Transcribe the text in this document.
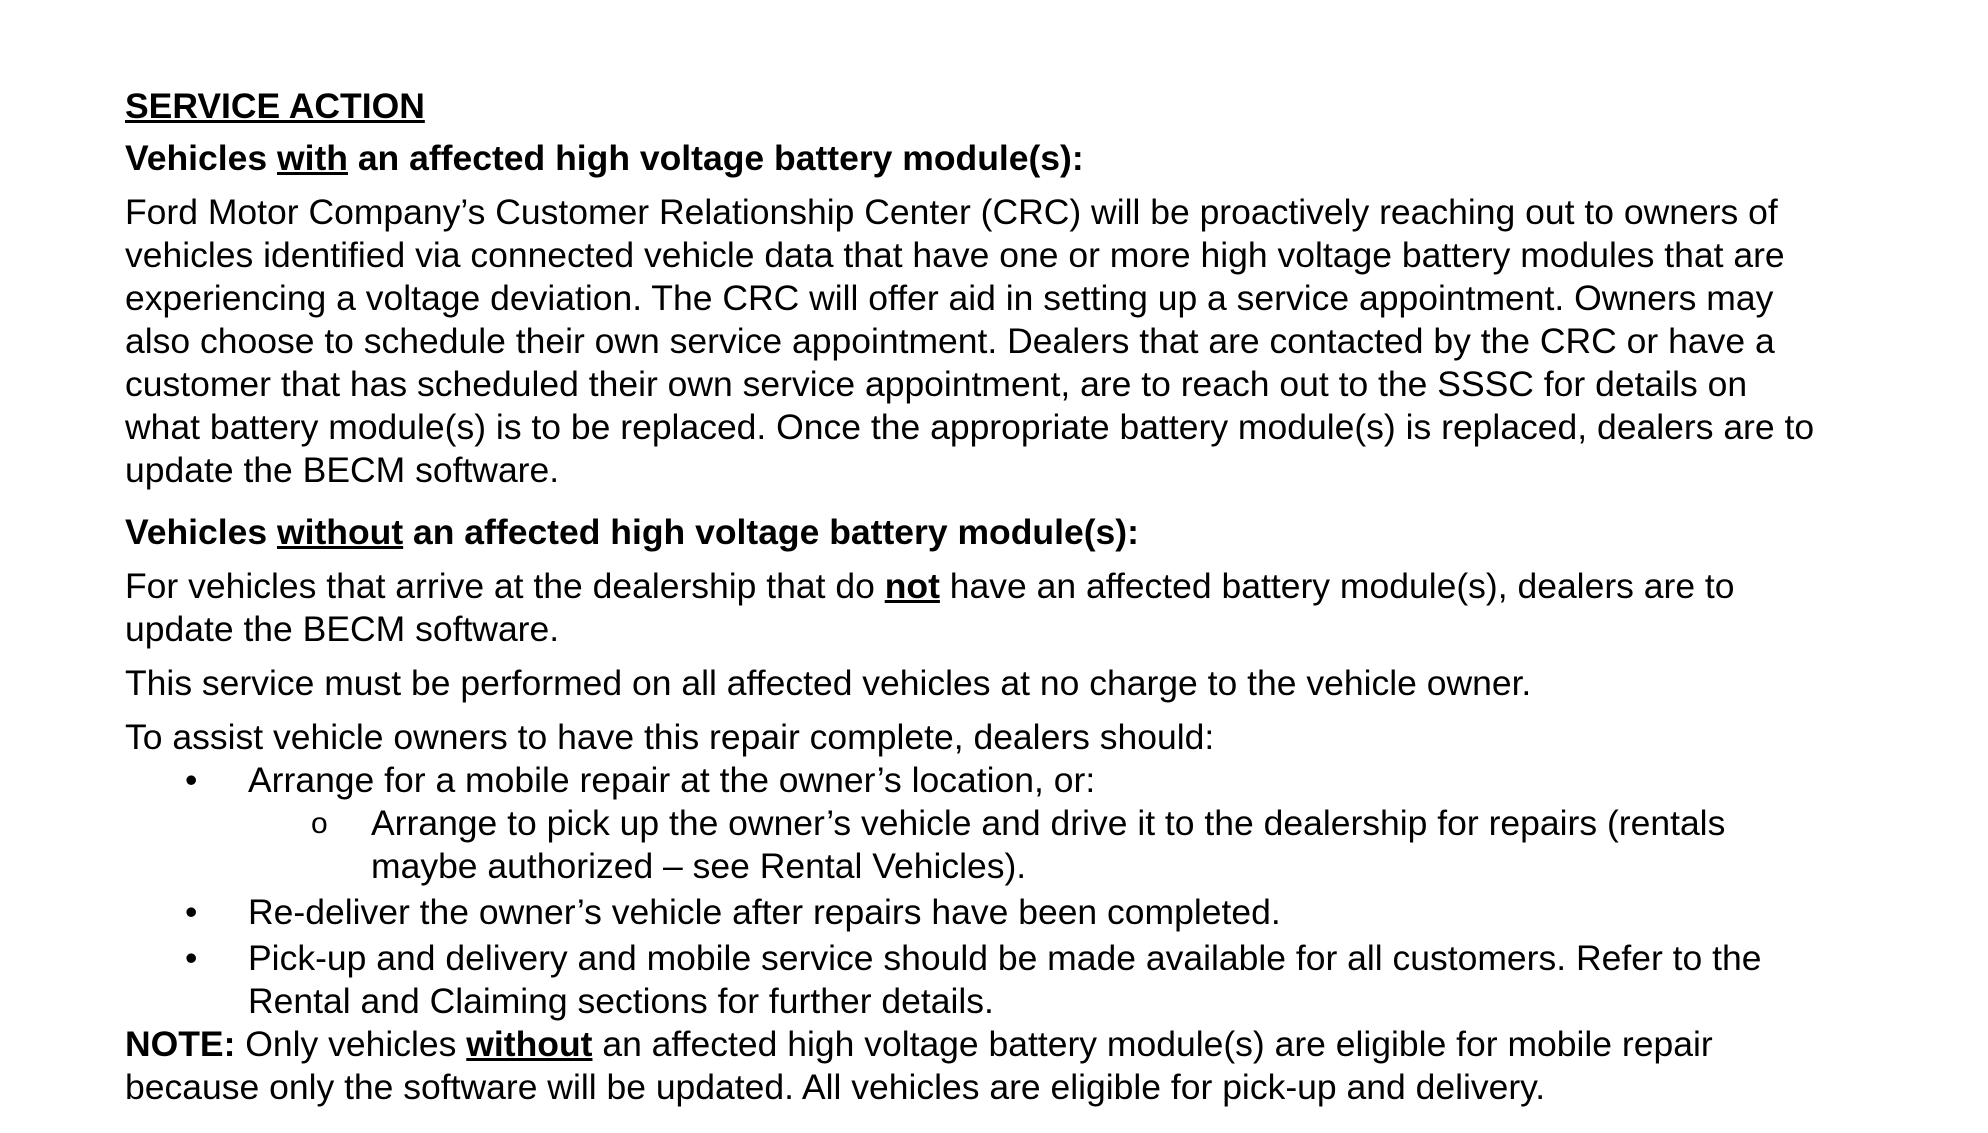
SERVICE ACTION
Vehicles with an affected high voltage battery module(s):

Ford Motor Company’s Customer Relationship Center (CRC) will be proactively reaching out to owners of vehicles identified via connected vehicle data that have one or more high voltage battery modules that are experiencing a voltage deviation. The CRC will offer aid in setting up a service appointment. Owners may also choose to schedule their own service appointment. Dealers that are contacted by the CRC or have a customer that has scheduled their own service appointment, are to reach out to the SSSC for details on what battery module(s) is to be replaced. Once the appropriate battery module(s) is replaced, dealers are to update the BECM software.

Vehicles without an affected high voltage battery module(s):

For vehicles that arrive at the dealership that do not have an affected battery module(s), dealers are to update the BECM software.

This service must be performed on all affected vehicles at no charge to the vehicle owner.

To assist vehicle owners to have this repair complete, dealers should:

• Arrange for a mobile repair at the owner’s location, or:
o Arrange to pick up the owner’s vehicle and drive it to the dealership for repairs (rentals maybe authorized – see Rental Vehicles).
• Re-deliver the owner’s vehicle after repairs have been completed.
• Pick-up and delivery and mobile service should be made available for all customers. Refer to the Rental and Claiming sections for further details.

NOTE: Only vehicles without an affected high voltage battery module(s) are eligible for mobile repair because only the software will be updated. All vehicles are eligible for pick-up and delivery.
